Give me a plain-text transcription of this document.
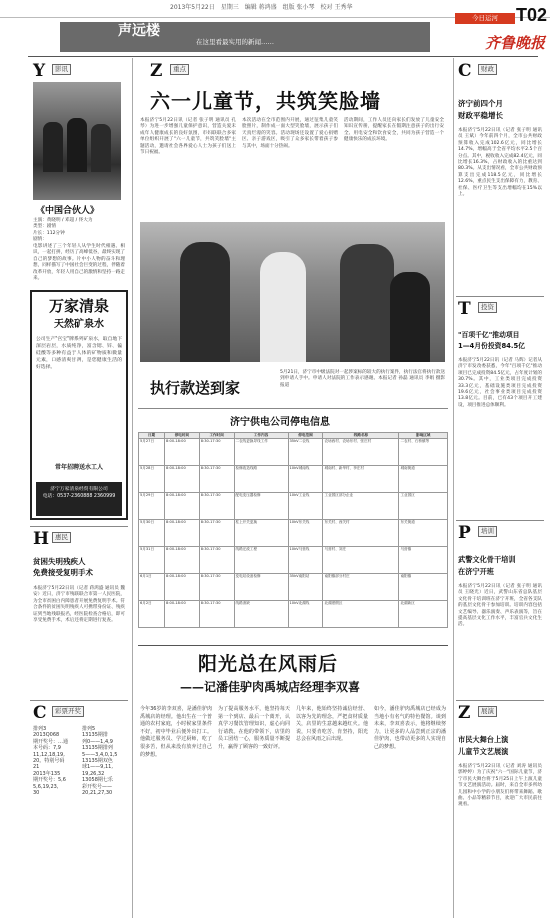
2013年5月22日　星期三　编辑 蒋鸿盛　组版 张小琴　校对 王秀华	T02
今日运河
齐鲁晚报
声远楼
在这里看最实用的新闻……
Y	影讯
《中国合伙人》
主演：黄晓明 / 邓超 / 佟大为
类型：剧情
片长：112分钟
剧情：
电影讲述了三个年轻人从学生时代相遇、相识，一起打拼，经历了高峰低谷，最终实现了自己的梦想的故事。片中小人物的奋斗和理想，同样描写了中国社会巨变的过程，伴随着改革开放，年轻人用自己的激情和坚持一路走来。
万家清泉
天然矿泉水
公司生产"宫宝"牌系列矿泉水，取自地下深层岩层，水质纯净，富含锶、锌、偏硅酸等多种有益于人体的矿物质和微量元素，口感清爽甘冽，是您健康生活的好选择。
常年招聘送水工人
济宁万家清泉经贸有限公司
电话：0537-2360888 2360999
H 惠民
贫困失明残疾人
免费接受复明手术
本报济宁5月22日讯（记者 蒋鸿盛 通讯员 魏安）近日，济宁市残联联合市第一人民医院，为全市贫困白内障患者开展免费复明手术。符合条件的贫困失明残疾人可携带身份证、残疾证到当地残联报名，经医院检查合格后，即可享受免费手术，术后还将定期进行复查。
C	彩票开奖
排列3
2013Q068
期开奖号：…通
本号码：7,9
11,12,18,19,
20。特别号码
21
2013年135
期开奖号：5,6
5,6,19,23,
30
排列5
13135期排
列0——1,4,9
13135期排列
5——3,4,0,1,5
13135期双色
球1——9,11,
19,26,32
13058期七乐
彩开奖号——
20,21,27,30
Z	重点
六一儿童节，共筑笑脸墙
本报济宁5月22日讯（记者 张子明 通讯员 孔琴）为进一步增强儿童保护意识，营造关爱未成年人健康成长的良好氛围，市妇联联合多家单位组织开展了"六一儿童节，共筑笑脸墙"主题活动，邀请社会各界爱心人士为孩子们送上节日祝福。
本次活动在全市范围内开展，通过征集儿童笑脸照片，制作成一面大型笑脸墙，展示孩子们天真烂漫的笑容。活动现场还设置了爱心捐赠区、亲子游戏区，吸引了众多家长带着孩子参与其中，场面十分热闹。
活动期间，工作人员还向家长们发放了儿童安全知识宣传册，提醒家长在假期注意孩子的出行安全、用电安全和饮食安全，共同为孩子营造一个健康快乐的成长环境。
执行款送到家
5月21日，济宁市中级法院对一起涉案标的较大的执行案件，执行法官将执行款送到申请人手中。申请人对法院的工作表示感谢。本报记者 孙磊 通讯员 李娟 摄影报道
济宁供电公司停电信息
日期	停电时间	工作时间	工作内容	停电范围	线路名称	影响区域
5月27日	8:00-18:00	8:30-17:30	二农线更换导线工作	35kV二农线	农场西村、农场东村、张庄村	二农村、石桥镇等
5月28日	8:00-18:00	8:30-17:30	检修改造线路	10kV城南线	城南村、新华村、李庄村	城南街道
5月29日	8:00-18:00	8:30-17:30	配电变压器检修	10kV工业线	工业园区部分企业	工业园区
5月30日	8:00-18:00	8:30-17:30	柱上开关更换	10kV东关线	东关村、西关村	东关街道
5月31日	8:00-18:00	8:30-17:30	线路迁改工程	10kV马营线	马营村、刘庄	马营镇
6月1日	8:00-18:00	8:30-17:30	变电站设备检修	35kV南阳站	南阳镇部分村庄	南阳镇
6月2日	8:00-18:00	8:30-17:30	线路消缺	10kV北湖线	北湖度假区	北湖新区
阳光总在风雨后
——记潘佳驴肉禹城店经理李双喜
今年36岁的李双喜，是潘佳驴肉禹城店的经理。他出生在一个普通的农村家庭，小时候家里条件不好，初中毕业后便外出打工。他做过服务员、学过厨师，吃了很多苦，但从来没有放弃过自己的梦想。
为了提高服务水平，他坚持每天第一个到店、最后一个离开，认真学习餐饮管理知识，虚心向同行请教。在他的带领下，店里的员工团结一心，服务质量不断提升，赢得了顾客的一致好评。
几年来，他始终坚持诚信经营、以客为先的理念，严把食材质量关，店里的生意越来越红火。他说，只要肯吃苦、肯坚持，阳光总会在风雨之后出现。
如今，潘佳驴肉禹城店已经成为当地小有名气的特色餐馆。谈到未来，李双喜表示，他将继续努力，让更多的人品尝到正宗的潘佳驴肉，也带动更多的人实现自己的梦想。
C	财政
济宁前四个月
财政平稳增长
本报济宁5月22日讯（记者 张子明 通讯员 王斌）今年前四个月，全市公共财政预算收入完成102.6亿元，同比增长14.7%，增幅高于全省平均水平2.5个百分点。其中，税收收入完成82.4亿元，同比增长16.3%，占财政收入的比重达到80.3%。从支出情况看，全市公共财政预算支出完成118.5亿元，同比增长12.6%，重点民生支出保障有力，教育、社保、医疗卫生等支出增幅均在15%以上。
T	投资
"百项千亿"推动项目
1—4月份投资84.5亿
本报济宁5月22日讯（记者 马辉）记者从济宁市发改委获悉，今年"百项千亿"推动项目已完成投资84.5亿元，占年度计划的30.7%。其中，工业类项目完成投资33.3亿元，基础设施类项目完成投资19.6亿元，社会事业类项目完成投资13.8亿元。目前，已有43个项目开工建设，项目推进总体顺利。
P	培训
武警文化骨干培训
在济宁开班
本报济宁5月22日讯（记者 张子明 通讯员 王晓光）近日，武警山东省总队基层文化骨干培训班在济宁开班，全省各支队的基层文化骨干参加培训。培训内容包括文艺编导、器乐演奏、声乐表演等，旨在提高基层文化工作水平，丰富官兵文化生活。
Z	展演
市民大舞台上演
儿童节文艺展演
本报济宁5月22日讯（记者 刘涛 通讯员 郭婷婷）为了庆祝"六一"国际儿童节，济宁市民大舞台将于5月25日上午上演儿童节文艺展演活动。届时，来自全市多所幼儿园和中小学的小朋友们将带来舞蹈、歌曲、小品等精彩节目，欢迎广大市民前往观看。
